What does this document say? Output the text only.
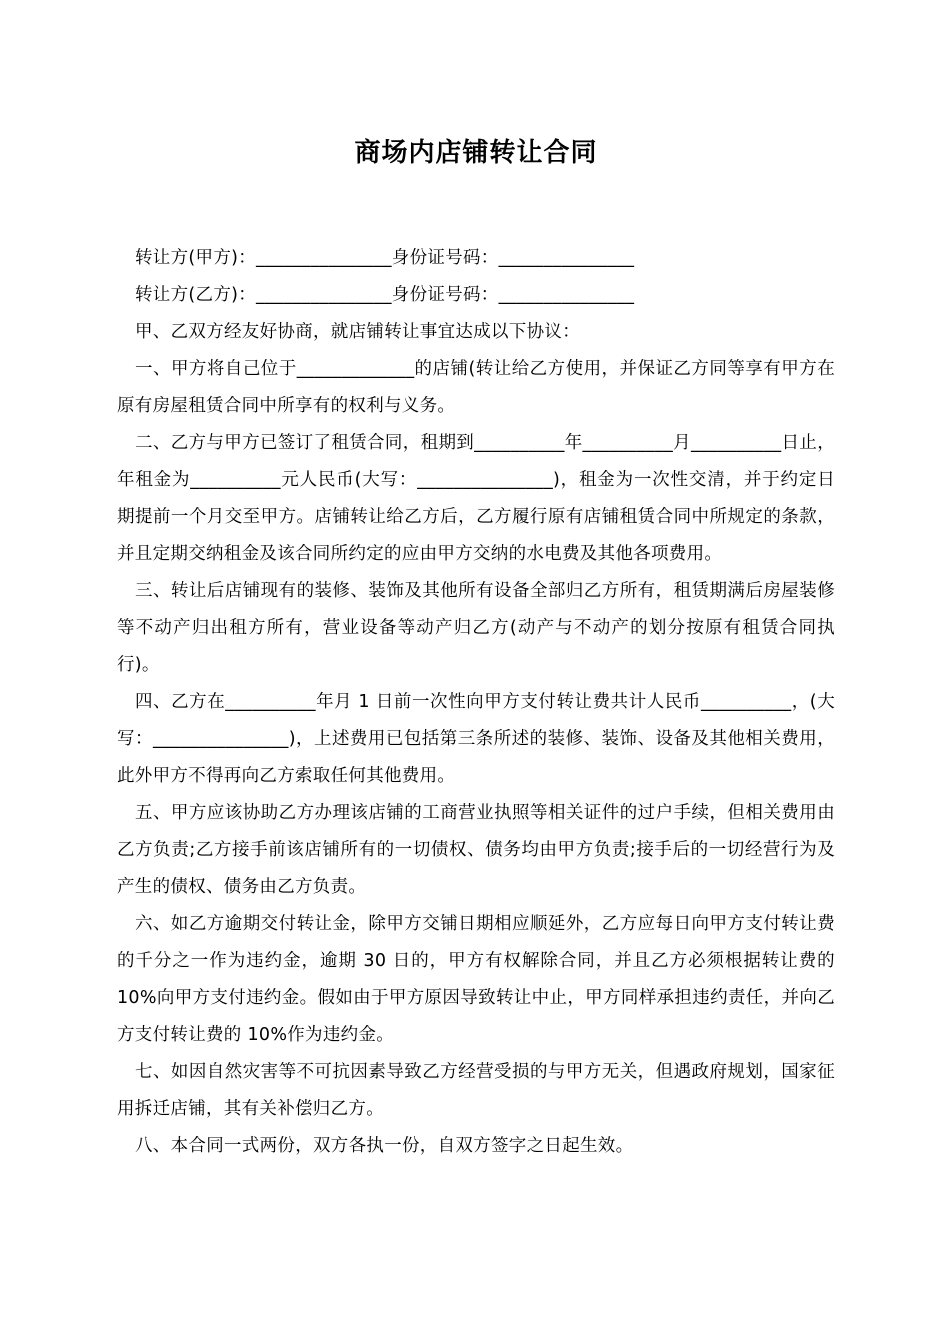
商场内店铺转让合同

转让方(甲方)：_______________身份证号码：_______________

转让方(乙方)：_______________身份证号码：_______________

甲、乙双方经友好协商，就店铺转让事宜达成以下协议：

一、甲方将自己位于_____________的店铺(转让给乙方使用，并保证乙方同等享有甲方在原有房屋租赁合同中所享有的权利与义务。

二、乙方与甲方已签订了租赁合同，租期到__________年__________月__________日止，年租金为__________元人民币(大写：_______________)，租金为一次性交清，并于约定日期提前一个月交至甲方。店铺转让给乙方后，乙方履行原有店铺租赁合同中所规定的条款，并且定期交纳租金及该合同所约定的应由甲方交纳的水电费及其他各项费用。

三、转让后店铺现有的装修、装饰及其他所有设备全部归乙方所有，租赁期满后房屋装修等不动产归出租方所有，营业设备等动产归乙方(动产与不动产的划分按原有租赁合同执行)。

四、乙方在__________年月 1 日前一次性向甲方支付转让费共计人民币__________，(大写：_______________)，上述费用已包括第三条所述的装修、装饰、设备及其他相关费用，此外甲方不得再向乙方索取任何其他费用。

五、甲方应该协助乙方办理该店铺的工商营业执照等相关证件的过户手续，但相关费用由乙方负责;乙方接手前该店铺所有的一切债权、债务均由甲方负责;接手后的一切经营行为及产生的债权、债务由乙方负责。

六、如乙方逾期交付转让金，除甲方交铺日期相应顺延外，乙方应每日向甲方支付转让费的千分之一作为违约金，逾期 30 日的，甲方有权解除合同，并且乙方必须根据转让费的 10%向甲方支付违约金。假如由于甲方原因导致转让中止，甲方同样承担违约责任，并向乙方支付转让费的 10%作为违约金。

七、如因自然灾害等不可抗因素导致乙方经营受损的与甲方无关，但遇政府规划，国家征用拆迁店铺，其有关补偿归乙方。

八、本合同一式两份，双方各执一份，自双方签字之日起生效。
